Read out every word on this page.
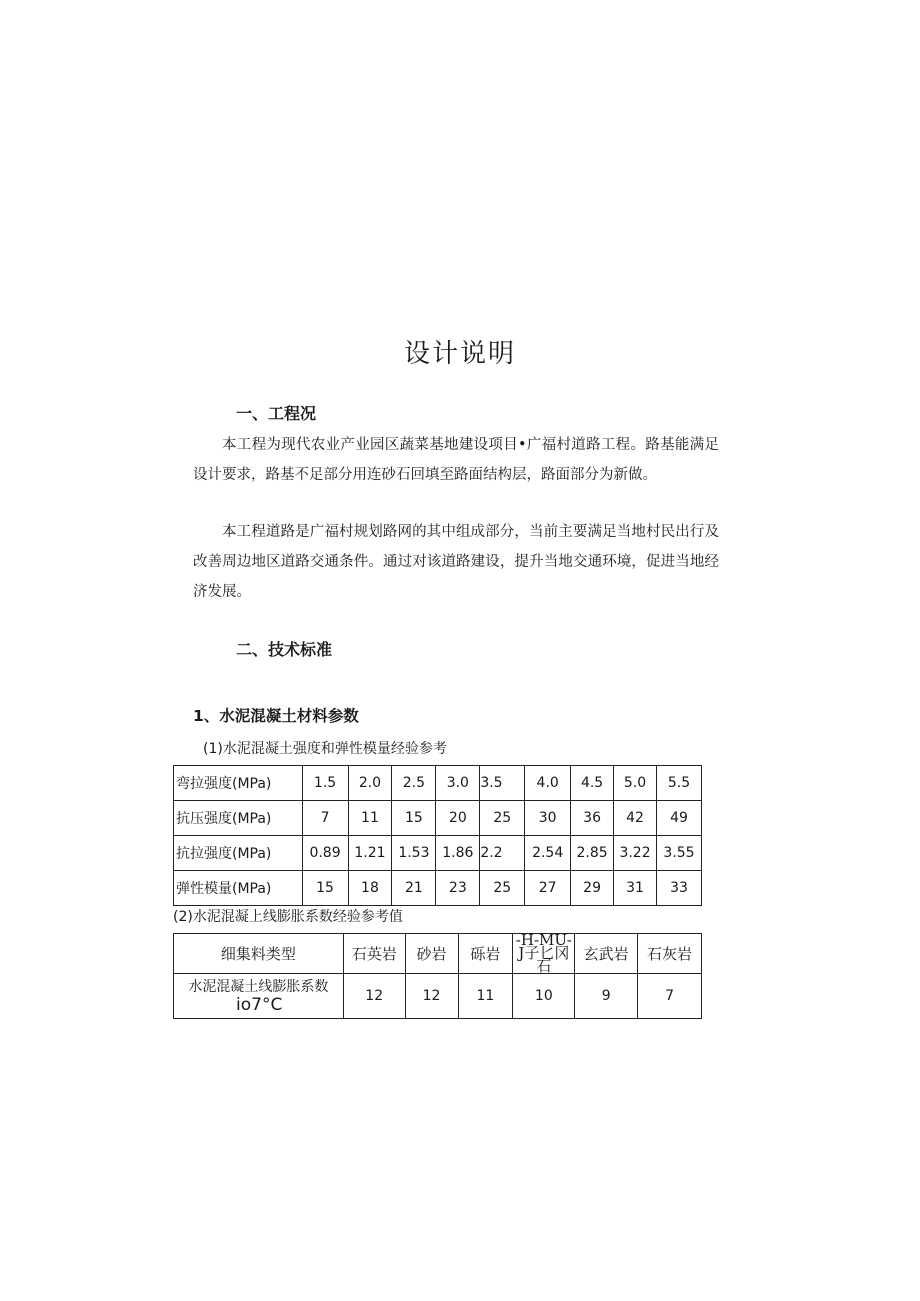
设计说明
一、工程况
本工程为现代农业产业园区蔬菜基地建设项目•广福村道路工程。路基能满足设计要求，路基不足部分用连砂石回填至路面结构层，路面部分为新做。
本工程道路是广福村规划路网的其中组成部分，当前主要满足当地村民出行及改善周边地区道路交通条件。通过对该道路建设，提升当地交通环境，促进当地经济发展。
二、技术标准
1、水泥混凝土材料参数
(1)水泥混凝土强度和弹性模量经验参考
弯拉强度(MPa)	1.5	2.0	2.5	3.0	3.5	4.0	4.5	5.0	5.5
抗压强度(MPa)	7	11	15	20	25	30	36	42	49
抗拉强度(MPa)	0.89	1.21	1.53	1.86	2.2	2.54	2.85	3.22	3.55
弹性模量(MPa)	15	18	21	23	25	27	29	31	33
(2)水泥混凝上线膨胀系数经验参考值
细集料类型	石英岩	砂岩	砾岩	-H-MU-J子匕冈石	玄武岩	石灰岩
水泥混凝土线膨胀系数
io7°C	12	12	11	10	9	7
